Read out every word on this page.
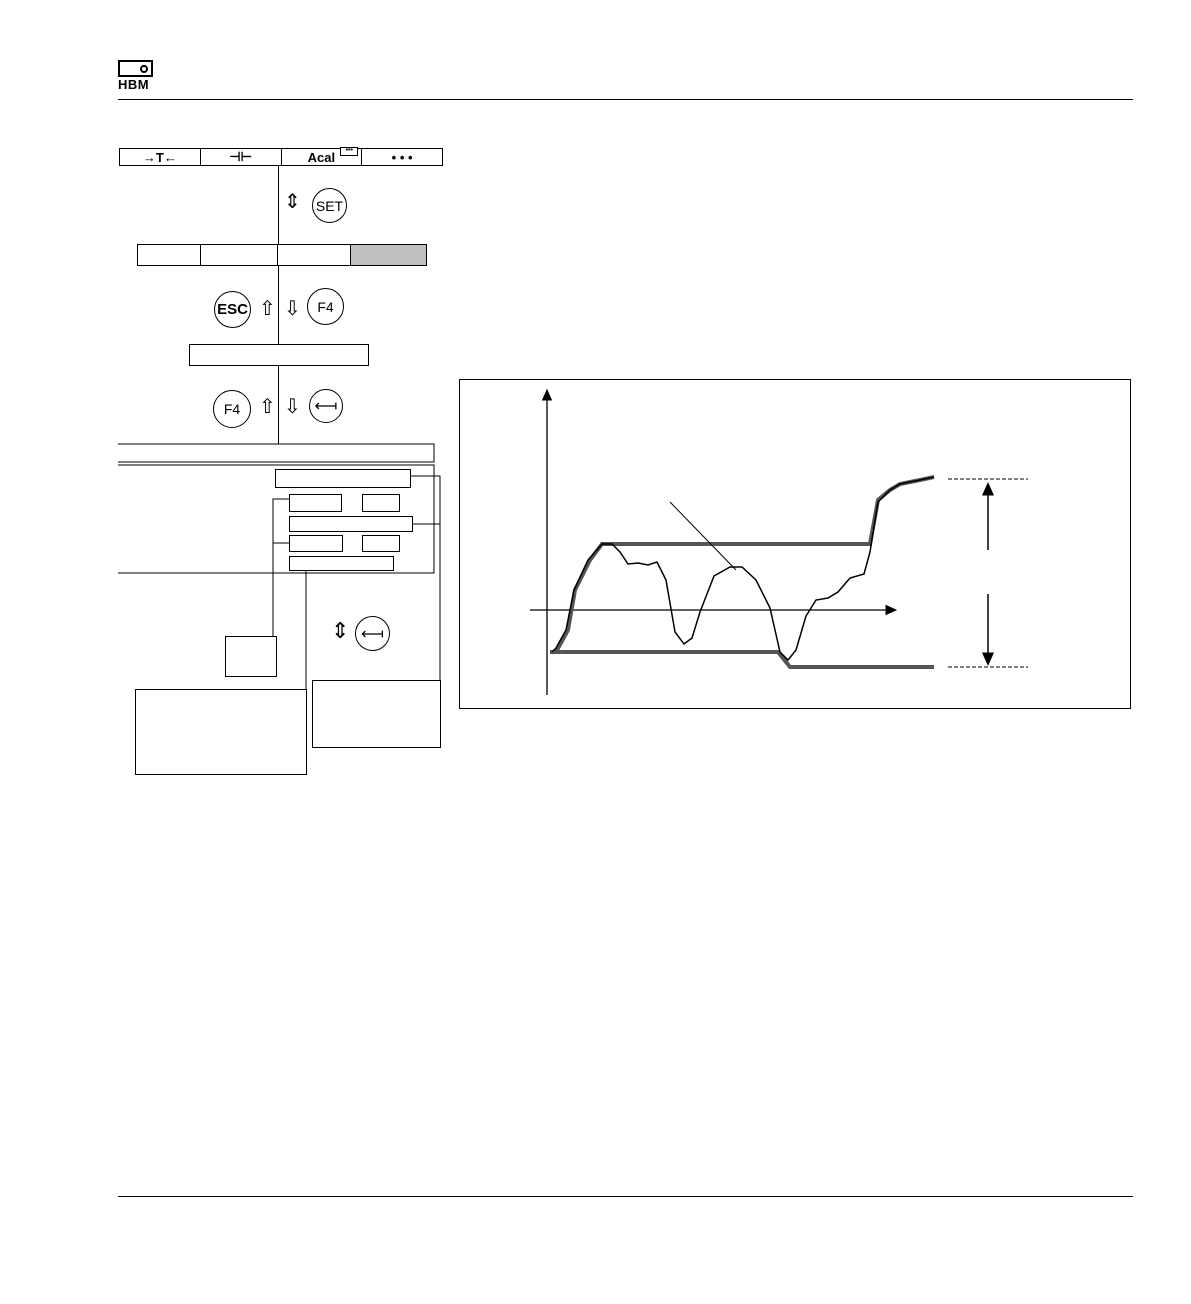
HBM
→T←	⊣⊢	Acal	•••	• • •
⇕ SET
ESC ⇧ ⇩ F4
F4 ⇧ ⇩ ⟻
⇕ ⟻
